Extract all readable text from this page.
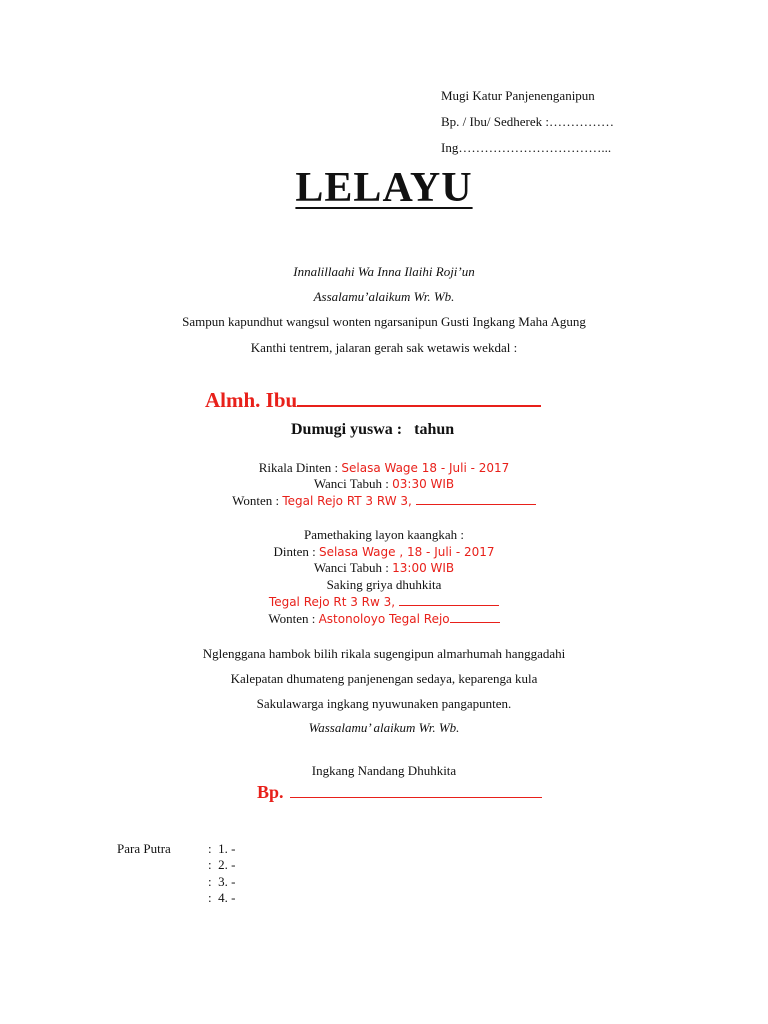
Mugi Katur Panjenenganipun
Bp. / Ibu/ Sedherek :……………
Ing……………………………...
LELAYU
Innalillaahi Wa Inna Ilaihi Roji’un
Assalamu’alaikum Wr. Wb.
Sampun kapundhut wangsul wonten ngarsanipun Gusti Ingkang Maha Agung
Kanthi tentrem, jalaran gerah sak wetawis wekdal :
Almh. Ibu
Dumugi yuswa : tahun
Rikala Dinten : Selasa Wage 18 - Juli - 2017
Wanci Tabuh : 03:30 WIB
Wonten : Tegal Rejo RT 3 RW 3,
Pamethaking layon kaangkah :
Dinten : Selasa Wage , 18 - Juli - 2017
Wanci Tabuh : 13:00 WIB
Saking griya dhuhkita
Tegal Rejo Rt 3 Rw 3,
Wonten : Astonoloyo Tegal Rejo
Nglenggana hambok bilih rikala sugengipun almarhumah hanggadahi
Kalepatan dhumateng panjenengan sedaya, keparenga kula
Sakulawarga ingkang nyuwunaken pangapunten.
Wassalamu’ alaikum Wr. Wb.
Ingkang Nandang Dhuhkita
Bp.
Para Putra	: 1. -
: 2. -
: 3. -
: 4. -
